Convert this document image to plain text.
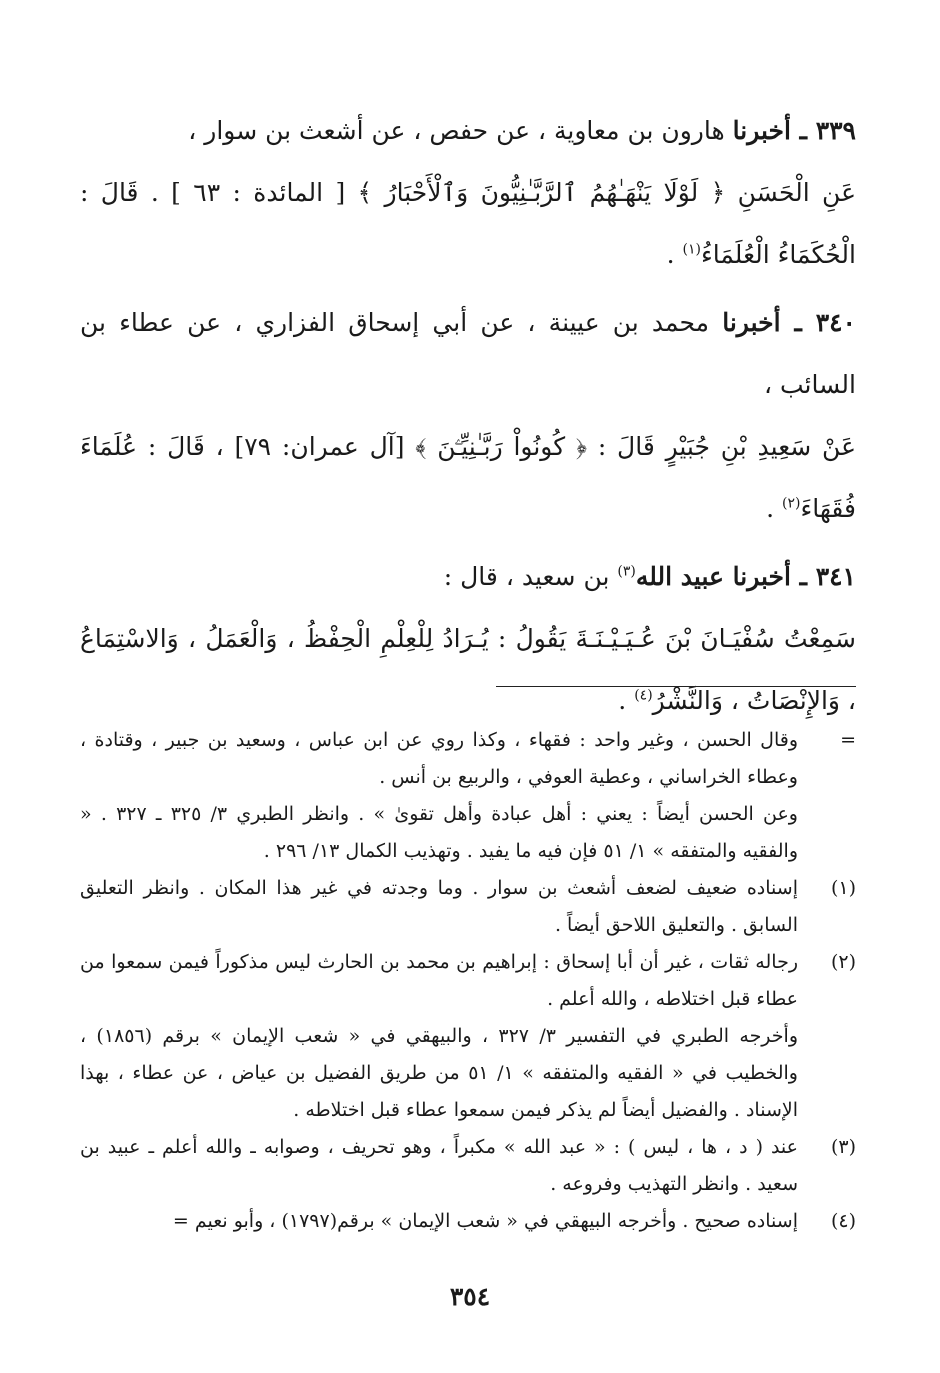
٣٣٩ ـ أخبرنا هارون بن معاوية ، عن حفص ، عن أشعث بن سوار ،

عَنِ الْحَسَنِ ﴿ لَوْلَا يَنْهَـٰهُمُ ٱلرَّبَّـٰنِيُّونَ وَٱلْأَحْبَارُ ﴾ [ المائدة : ٦٣ ] . قَالَ : الْحُكَمَاءُ الْعُلَمَاءُ$^{(١)}$ .

٣٤٠ ـ أخبرنا محمد بن عيينة ، عن أبي إسحاق الفزاري ، عن عطاء بن السائب ،

عَنْ سَعِيدِ بْنِ جُبَيْرٍ قَالَ : ﴿ كُونُواْ رَبَّـٰنِيِّـۧنَ ﴾ [آل عمران: ٧٩] ، قَالَ : عُلَمَاءَ فُقَهَاءَ$^{(٢)}$ .

٣٤١ ـ أخبرنا عبيد الله$^{(٣)}$ بن سعيد ، قال :

سَمِعْتُ سُفْيَـانَ بْنَ عُـيَـيْـنَـةَ يَقُولُ : يُـرَادُ لِلْعِلْمِ الْحِفْظُ ، وَالْعَمَلُ ، وَالاسْتِمَاعُ ، وَالإِنْصَاتُ ، وَالنَّشْرُ$^{(٤)}$ .

=

وقال الحسن ، وغير واحد : فقهاء ، وكذا روي عن ابن عباس ، وسعيد بن جبير ، وقتادة ، وعطاء الخراساني ، وعطية العوفي ، والربيع بن أنس .

وعن الحسن أيضاً : يعني : أهل عبادة وأهل تقوىٰ » . وانظر الطبري ٣/ ٣٢٥ ـ ٣٢٧ . « والفقيه والمتفقه » ١/ ٥١ فإن فيه ما يفيد . وتهذيب الكمال ١٣/ ٢٩٦ .

(١)

إسناده ضعيف لضعف أشعث بن سوار . وما وجدته في غير هذا المكان . وانظر التعليق السابق . والتعليق اللاحق أيضاً .

(٢)

رجاله ثقات ، غير أن أبا إسحاق : إبراهيم بن محمد بن الحارث ليس مذكوراً فيمن سمعوا من عطاء قبل اختلاطه ، والله أعلم .

وأخرجه الطبري في التفسير ٣/ ٣٢٧ ، والبيهقي في « شعب الإيمان » برقم (١٨٥٦) ، والخطيب في « الفقيه والمتفقه » ١/ ٥١ من طريق الفضيل بن عياض ، عن عطاء ، بهذا الإسناد . والفضيل أيضاً لم يذكر فيمن سمعوا عطاء قبل اختلاطه .

(٣)

عند ( د ، ها ، ليس ) : « عبد الله » مكبراً ، وهو تحريف ، وصوابه ـ والله أعلم ـ عبيد بن سعيد . وانظر التهذيب وفروعه .

(٤)

إسناده صحيح . وأخرجه البيهقي في « شعب الإيمان » برقم(١٧٩٧) ، وأبو نعيم =

٣٥٤
